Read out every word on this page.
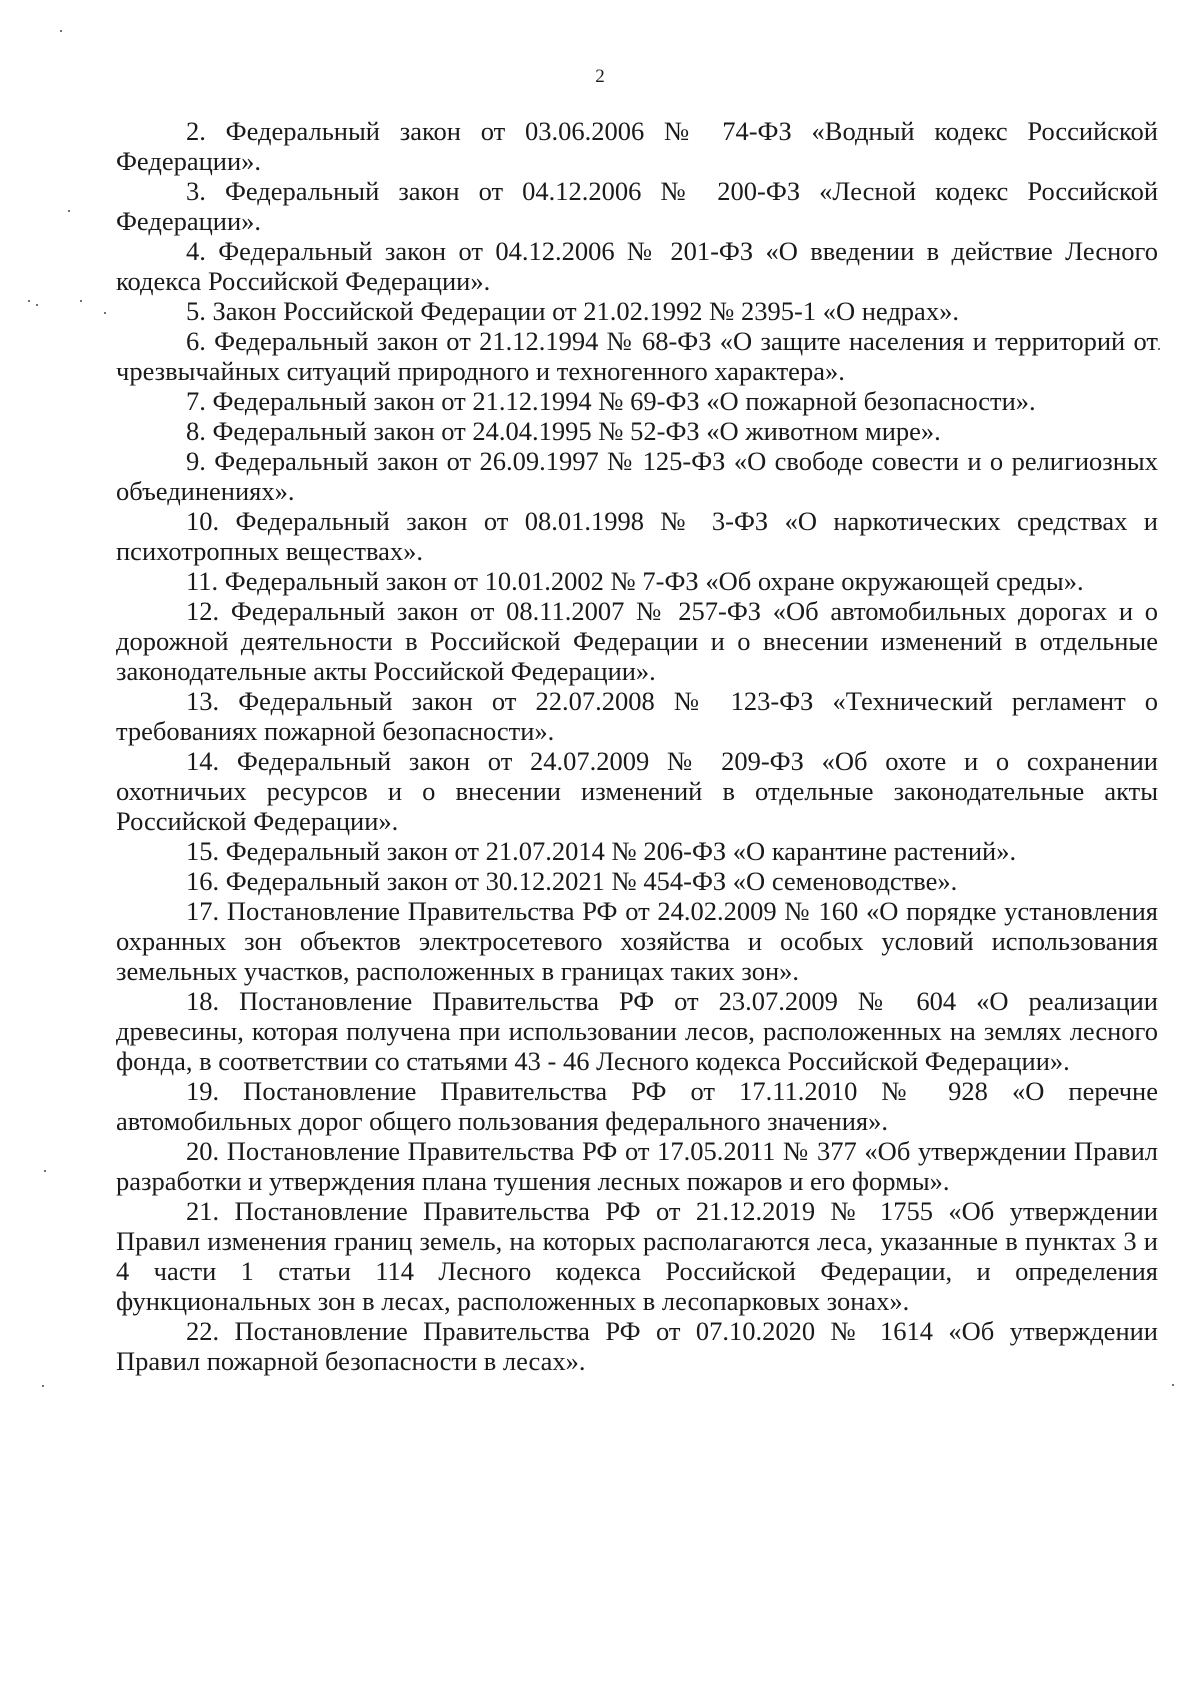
2

2. Федеральный закон от 03.06.2006 № 74-ФЗ «Водный кодекс Российской Федерации».

3. Федеральный закон от 04.12.2006 № 200-ФЗ «Лесной кодекс Российской Федерации».

4. Федеральный закон от 04.12.2006 № 201-ФЗ «О введении в действие Лесного кодекса Российской Федерации».

5. Закон Российской Федерации от 21.02.1992 № 2395-1 «О недрах».

6. Федеральный закон от 21.12.1994 № 68-ФЗ «О защите населения и территорий от чрезвычайных ситуаций природного и техногенного характера».

7. Федеральный закон от 21.12.1994 № 69-ФЗ «О пожарной безопасности».

8. Федеральный закон от 24.04.1995 № 52-ФЗ «О животном мире».

9. Федеральный закон от 26.09.1997 № 125-ФЗ «О свободе совести и о религиозных объединениях».

10. Федеральный закон от 08.01.1998 № 3-ФЗ «О наркотических средствах и психотропных веществах».

11. Федеральный закон от 10.01.2002 № 7-ФЗ «Об охране окружающей среды».

12. Федеральный закон от 08.11.2007 № 257-ФЗ «Об автомобильных дорогах и о дорожной деятельности в Российской Федерации и о внесении изменений в отдельные законодательные акты Российской Федерации».

13. Федеральный закон от 22.07.2008 № 123-ФЗ «Технический регламент о требованиях пожарной безопасности».

14. Федеральный закон от 24.07.2009 № 209-ФЗ «Об охоте и о сохранении охотничьих ресурсов и о внесении изменений в отдельные законодательные акты Российской Федерации».

15. Федеральный закон от 21.07.2014 № 206-ФЗ «О карантине растений».

16. Федеральный закон от 30.12.2021 № 454-ФЗ «О семеноводстве».

17. Постановление Правительства РФ от 24.02.2009 № 160 «О порядке установления охранных зон объектов электросетевого хозяйства и особых условий использования земельных участков, расположенных в границах таких зон».

18. Постановление Правительства РФ от 23.07.2009 № 604 «О реализации древесины, которая получена при использовании лесов, расположенных на землях лесного фонда, в соответствии со статьями 43 - 46 Лесного кодекса Российской Федерации».

19. Постановление Правительства РФ от 17.11.2010 № 928 «О перечне автомобильных дорог общего пользования федерального значения».

20. Постановление Правительства РФ от 17.05.2011 № 377 «Об утверждении Правил разработки и утверждения плана тушения лесных пожаров и его формы».

21. Постановление Правительства РФ от 21.12.2019 № 1755 «Об утверждении Правил изменения границ земель, на которых располагаются леса, указанные в пунктах 3 и 4 части 1 статьи 114 Лесного кодекса Российской Федерации, и определения функциональных зон в лесах, расположенных в лесопарковых зонах».

22. Постановление Правительства РФ от 07.10.2020 № 1614 «Об утверждении Правил пожарной безопасности в лесах».
